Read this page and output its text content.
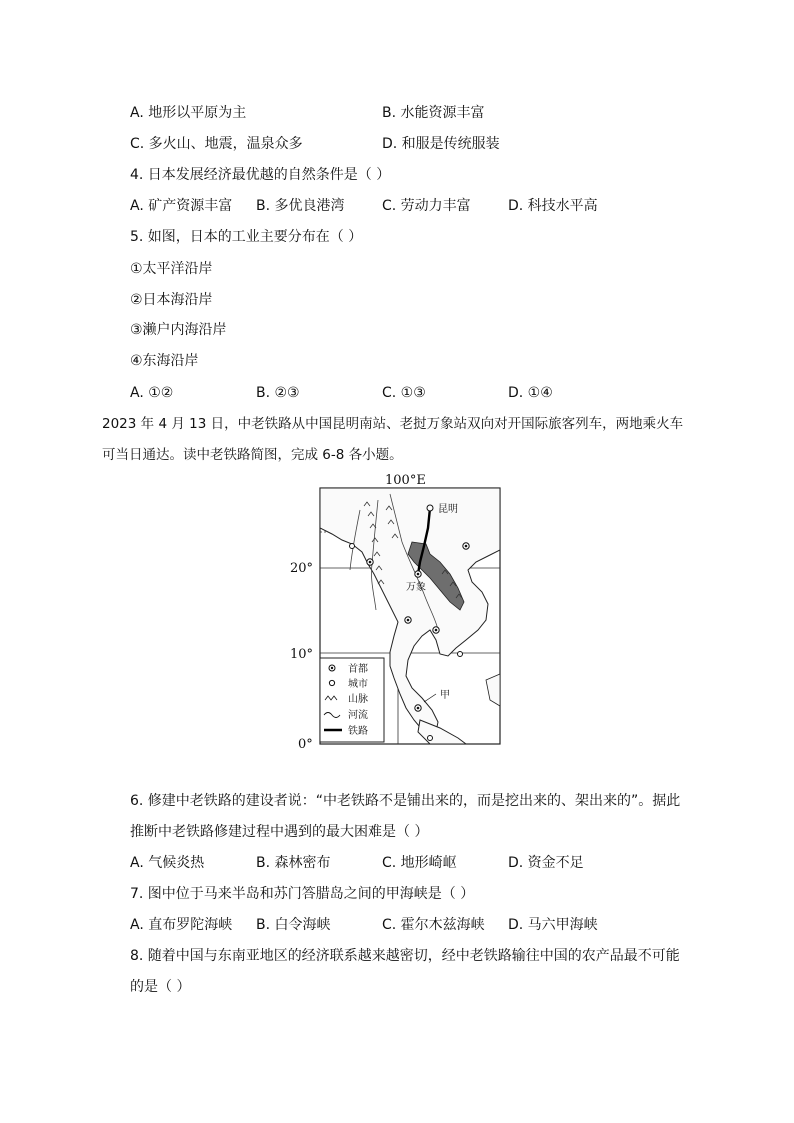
A. 地形以平原为主	B. 水能资源丰富
C. 多火山、地震，温泉众多	D. 和服是传统服装
4. 日本发展经济最优越的自然条件是（ ）
A. 矿产资源丰富 B. 多优良港湾	C. 劳动力丰富	D. 科技水平高
5. 如图，日本的工业主要分布在（ ）
①太平洋沿岸
②日本海沿岸
③濑户内海沿岸
④东海沿岸
A. ①②	B. ②③	C. ①③	D. ①④
2023 年 4 月 13 日，中老铁路从中国昆明南站、老挝万象站双向对开国际旅客列车，两地乘火车
可当日通达。读中老铁路简图，完成 6-8 各小题。
100°E
20°
10°
0°
昆明
万象
甲
首都
城市
山脉
河流
铁路
6. 修建中老铁路的建设者说：“中老铁路不是铺出来的，而是挖出来的、架出来的”。据此
推断中老铁路修建过程中遇到的最大困难是（ ）
A. 气候炎热	B. 森林密布	C. 地形崎岖	D. 资金不足
7. 图中位于马来半岛和苏门答腊岛之间的甲海峡是（ ）
A. 直布罗陀海峡 B. 白令海峡	C. 霍尔木兹海峡 D. 马六甲海峡
8. 随着中国与东南亚地区的经济联系越来越密切，经中老铁路输往中国的农产品最不可能
的是（ ）
